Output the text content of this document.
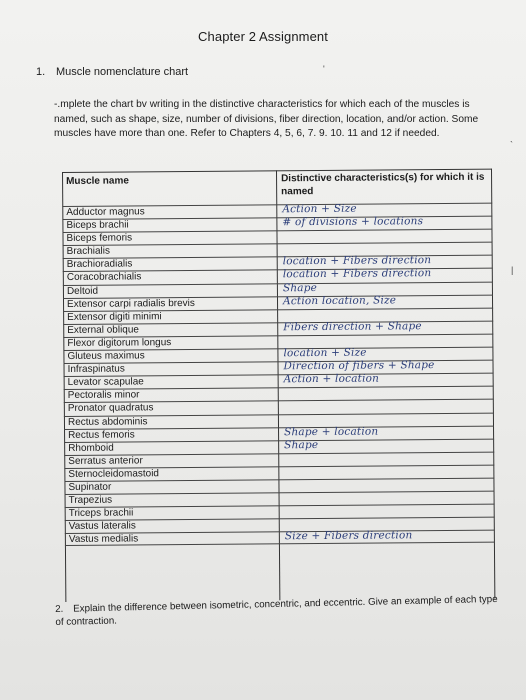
Chapter 2 Assignment
'
`
|
1. Muscle nomenclature chart
-.mplete the chart bv writing in the distinctive characteristics for which each of the muscles is named, such as shape, size, number of divisions, fiber direction, location, and/or action. Some muscles have more than one. Refer to Chapters 4, 5, 6, 7. 9. 10. 11 and 12 if needed.
Muscle name	Distinctive characteristics(s) for which it is named
Adductor magnus	Action + Size
Biceps brachii	# of divisions + locations
Biceps femoris
Brachialis
Brachioradialis	location + Fibers direction
Coracobrachialis	location + Fibers direction
Deltoid	Shape
Extensor carpi radialis brevis	Action location, Size
Extensor digiti minimi
External oblique	Fibers direction + Shape
Flexor digitorum longus
Gluteus maximus	location + Size
Infraspinatus	Direction of fibers + Shape
Levator scapulae	Action + location
Pectoralis minor
Pronator quadratus
Rectus abdominis
Rectus femoris	Shape + location
Rhomboid	Shape
Serratus anterior
Sternocleidomastoid
Supinator
Trapezius
Triceps brachii
Vastus lateralis
Vastus medialis	Size + Fibers direction
2. Explain the difference between isometric, concentric, and eccentric. Give an example of each type of contraction.
